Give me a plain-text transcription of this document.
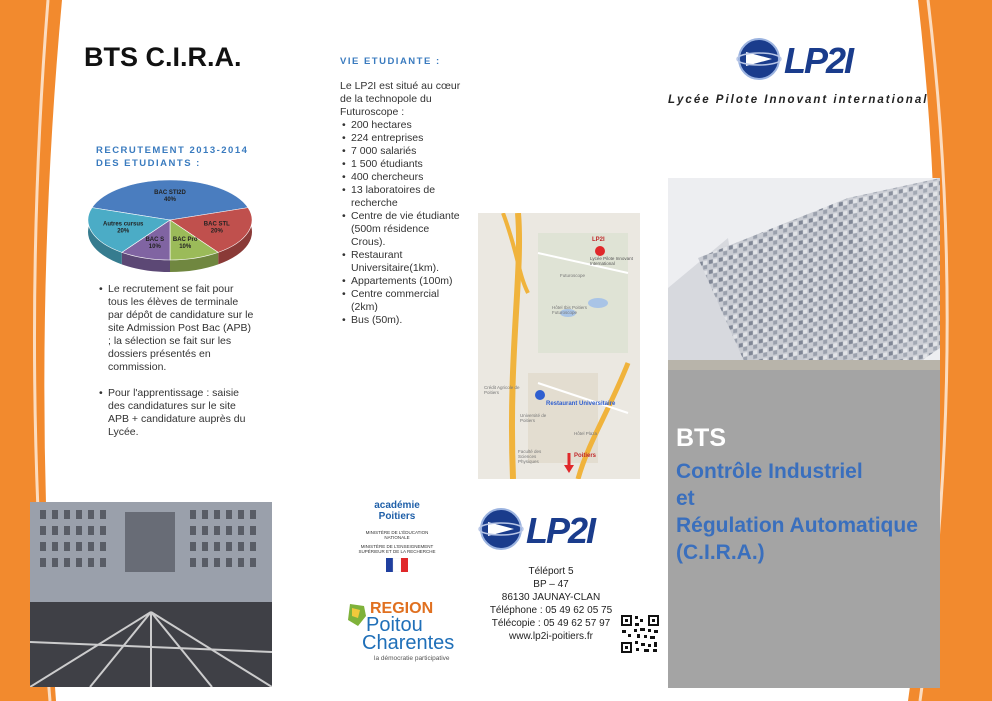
BTS C.I.R.A.
RECRUTEMENT 2013-2014
DES ETUDIANTS :
BAC STI2D
40%
BAC STL
20%
BAC Pro
10%
BAC S
10%
Autres cursus
20%
• Le recrutement se fait pour tous les élèves de terminale par dépôt de candidature sur le site Admission Post Bac (APB) ; la sélection se fait sur les dossiers présentés en commission.
• Pour l'apprentissage : saisie des candidatures sur le site APB + candidature auprès du Lycée.
VIE ETUDIANTE :
Le LP2I est situé au cœur de la technopole du Futuroscope :
• 200 hectares
• 224 entreprises
• 7 000 salariés
• 1 500 étudiants
• 400 chercheurs
• 13 laboratoires de recherche
• Centre de vie étudiante (500m résidence Crous).
• Restaurant Universitaire(1km).
• Appartements (100m)
• Centre commercial (2km)
• Bus (50m).
LP2I
Lycée Pilote Innovant International
Futuroscope
Hôtel Ibis Poitiers Futuroscope
Crédit Agricole de Poitiers
Restaurant Universitaire
Université de Poitiers
Faculté des Sciences Physiques
Hôtel Plaza
Poitiers
académie Poitiers
MINISTÈRE DE L'ÉDUCATION NATIONALE
MINISTÈRE DE L'ENSEIGNEMENT SUPÉRIEUR ET DE LA RECHERCHE
REGION
Poitou
Charentes
la démocratie participative
LP2I
Téléport 5
BP – 47
86130 JAUNAY-CLAN
Téléphone : 05 49 62 05 75
Télécopie : 05 49 62 57 97
www.lp2i-poitiers.fr
LP2I
Lycée Pilote Innovant international
BTS
Contrôle Industriel
et
Régulation Automatique
(C.I.R.A.)
